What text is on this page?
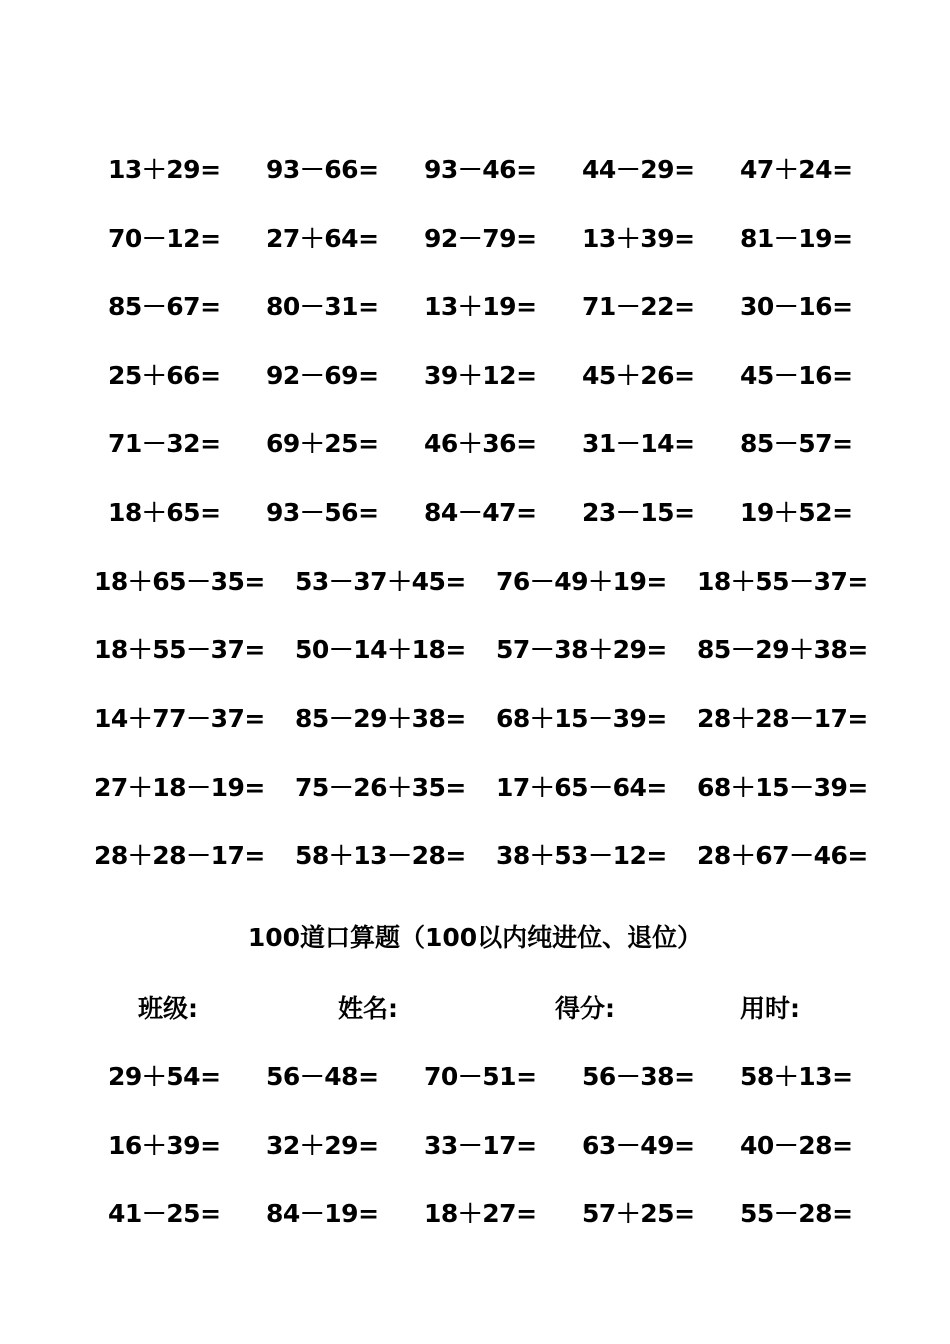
13＋29= 93－66= 93－46= 44－29= 47＋24=
70－12= 27＋64= 92－79= 13＋39= 81－19=
85－67= 80－31= 13＋19= 71－22= 30－16=
25＋66= 92－69= 39＋12= 45＋26= 45－16=
71－32= 69＋25= 46＋36= 31－14= 85－57=
18＋65= 93－56= 84－47= 23－15= 19＋52=
18＋65－35= 53－37＋45= 76－49＋19= 18＋55－37=
18＋55－37= 50－14＋18= 57－38＋29= 85－29＋38=
14＋77－37= 85－29＋38= 68＋15－39= 28＋28－17=
27＋18－19= 75－26＋35= 17＋65－64= 68＋15－39=
28＋28－17= 58＋13－28= 38＋53－12= 28＋67－46=
100道口算题（100以内纯进位、退位）
班级:	姓名:	得分:	用时:
29＋54= 56－48= 70－51= 56－38= 58＋13=
16＋39= 32＋29= 33－17= 63－49= 40－28=
41－25= 84－19= 18＋27= 57＋25= 55－28=
